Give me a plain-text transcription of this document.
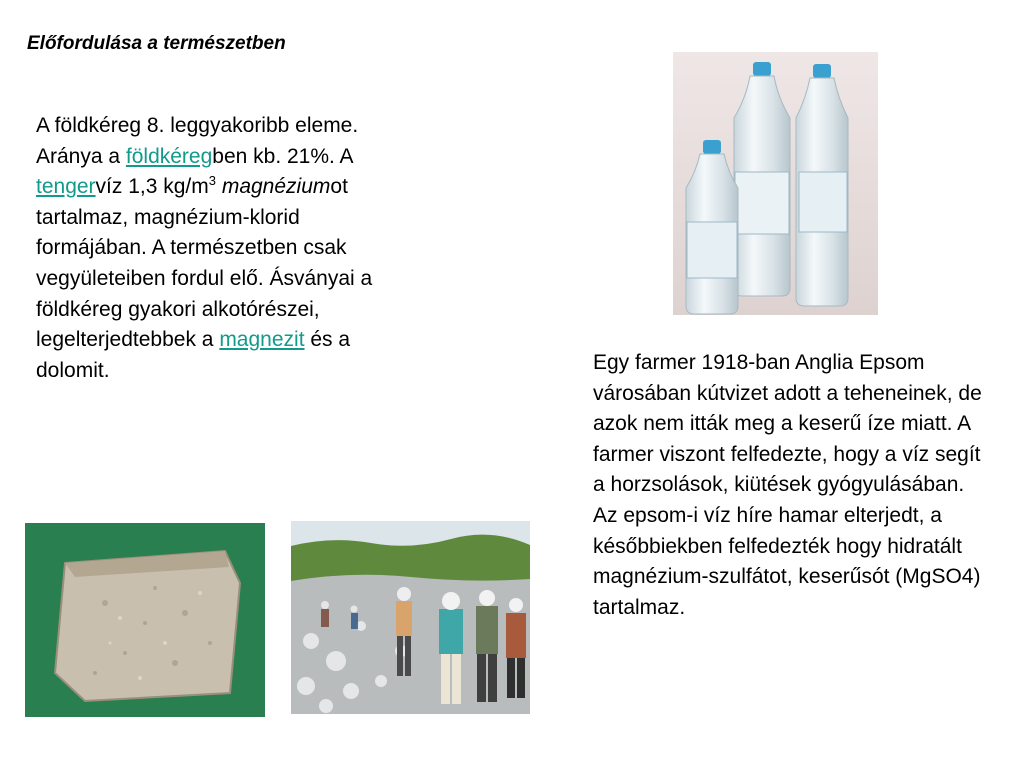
Előfordulása a természetben

A földkéreg 8. leggyakoribb eleme. Aránya a földkéregben kb. 21%. A tengervíz 1,3 $kg/m^3$ magnéziumot tartalmaz, magnézium-klorid formájában. A természetben csak vegyületeiben fordul elő. Ásványai a földkéreg gyakori alkotórészei, legelterjedtebbek a magnezit és a dolomit.	Egy farmer 1918-ban Anglia Epsom városában kútvizet adott a teheneinek, de azok nem itták meg a keserű íze miatt. A farmer viszont felfedezte, hogy a víz segít a horzsolások, kiütések gyógyulásában. Az epsom-i víz híre hamar elterjedt, a későbbiekben felfedezték hogy hidratált magnézium-szulfátot, keserűsót (MgSO4) tartalmaz.
